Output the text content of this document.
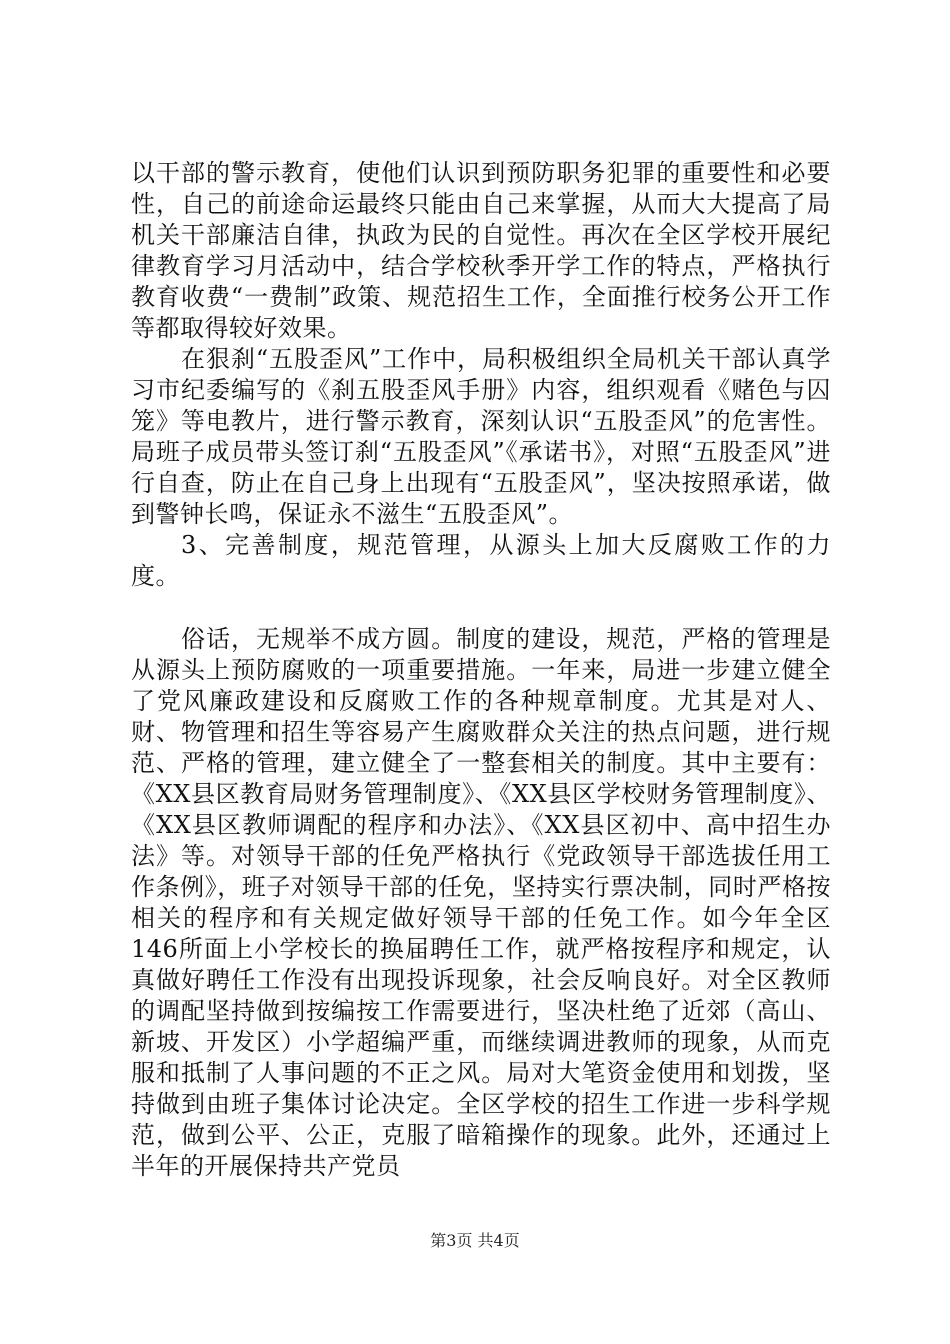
以干部的警示教育，使他们认识到预防职务犯罪的重要性和必要性，自己的前途命运最终只能由自己来掌握，从而大大提高了局机关干部廉洁自律，执政为民的自觉性。再次在全区学校开展纪律教育学习月活动中，结合学校秋季开学工作的特点，严格执行教育收费“一费制”政策、规范招生工作，全面推行校务公开工作等都取得较好效果。

在狠刹“五股歪风”工作中，局积极组织全局机关干部认真学习市纪委编写的《刹五股歪风手册》内容，组织观看《赌色与囚笼》等电教片，进行警示教育，深刻认识“五股歪风”的危害性。局班子成员带头签订刹“五股歪风”《承诺书》，对照“五股歪风”进行自查，防止在自己身上出现有“五股歪风”，坚决按照承诺，做到警钟长鸣，保证永不滋生“五股歪风”。

3、完善制度，规范管理，从源头上加大反腐败工作的力度。

俗话，无规举不成方圆。制度的建设，规范，严格的管理是从源头上预防腐败的一项重要措施。一年来，局进一步建立健全了党风廉政建设和反腐败工作的各种规章制度。尤其是对人、财、物管理和招生等容易产生腐败群众关注的热点问题，进行规范、严格的管理，建立健全了一整套相关的制度。其中主要有：《XX县区教育局财务管理制度》、《XX县区学校财务管理制度》、《XX县区教师调配的程序和办法》、《XX县区初中、高中招生办法》等。对领导干部的任免严格执行《党政领导干部选拔任用工作条例》，班子对领导干部的任免，坚持实行票决制，同时严格按相关的程序和有关规定做好领导干部的任免工作。如今年全区146所面上小学校长的换届聘任工作，就严格按程序和规定，认真做好聘任工作没有出现投诉现象，社会反响良好。对全区教师的调配坚持做到按编按工作需要进行，坚决杜绝了近郊（高山、新坡、开发区）小学超编严重，而继续调进教师的现象，从而克服和抵制了人事问题的不正之风。局对大笔资金使用和划拨，坚持做到由班子集体讨论决定。全区学校的招生工作进一步科学规范，做到公平、公正，克服了暗箱操作的现象。此外，还通过上半年的开展保持共产党员

第3页 共4页
